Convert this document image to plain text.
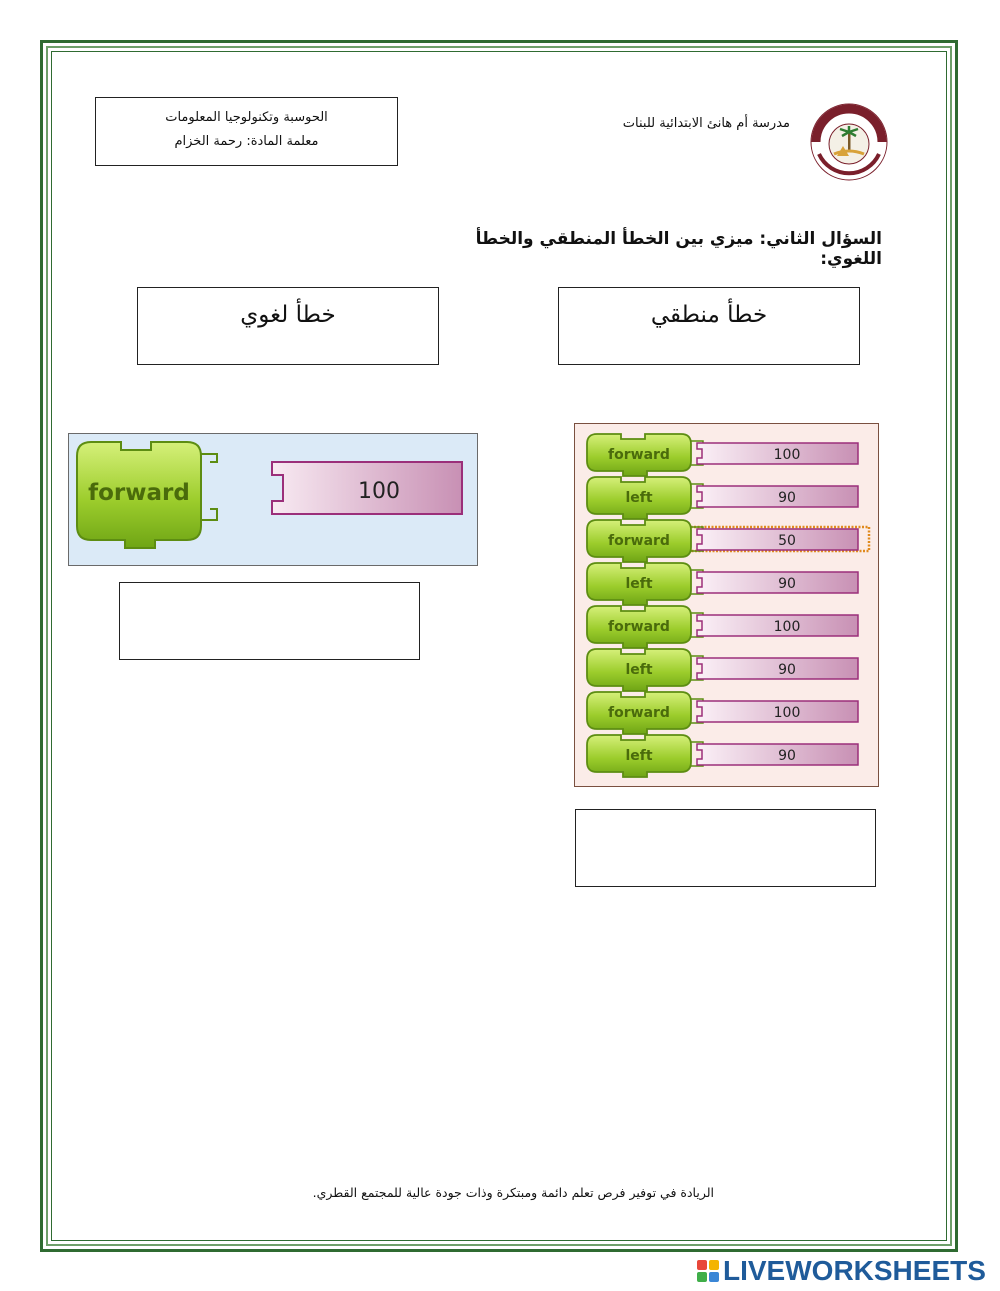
الحوسبة وتكنولوجيا المعلومات
معلمة المادة: رحمة الخزام
مدرسة أم هانئ الابتدائية للبنات
السؤال الثاني: ميزي بين الخطأ المنطقي والخطأ اللغوي:
خطأ منطقي
خطأ لغوي
forward	100
forward	100
left	90
forward	50
left	90
forward	100
left	90
forward	100
left	90
الريادة في توفير فرص تعلم دائمة ومبتكرة وذات جودة عالية للمجتمع القطري.
LIVEWORKSHEETS
